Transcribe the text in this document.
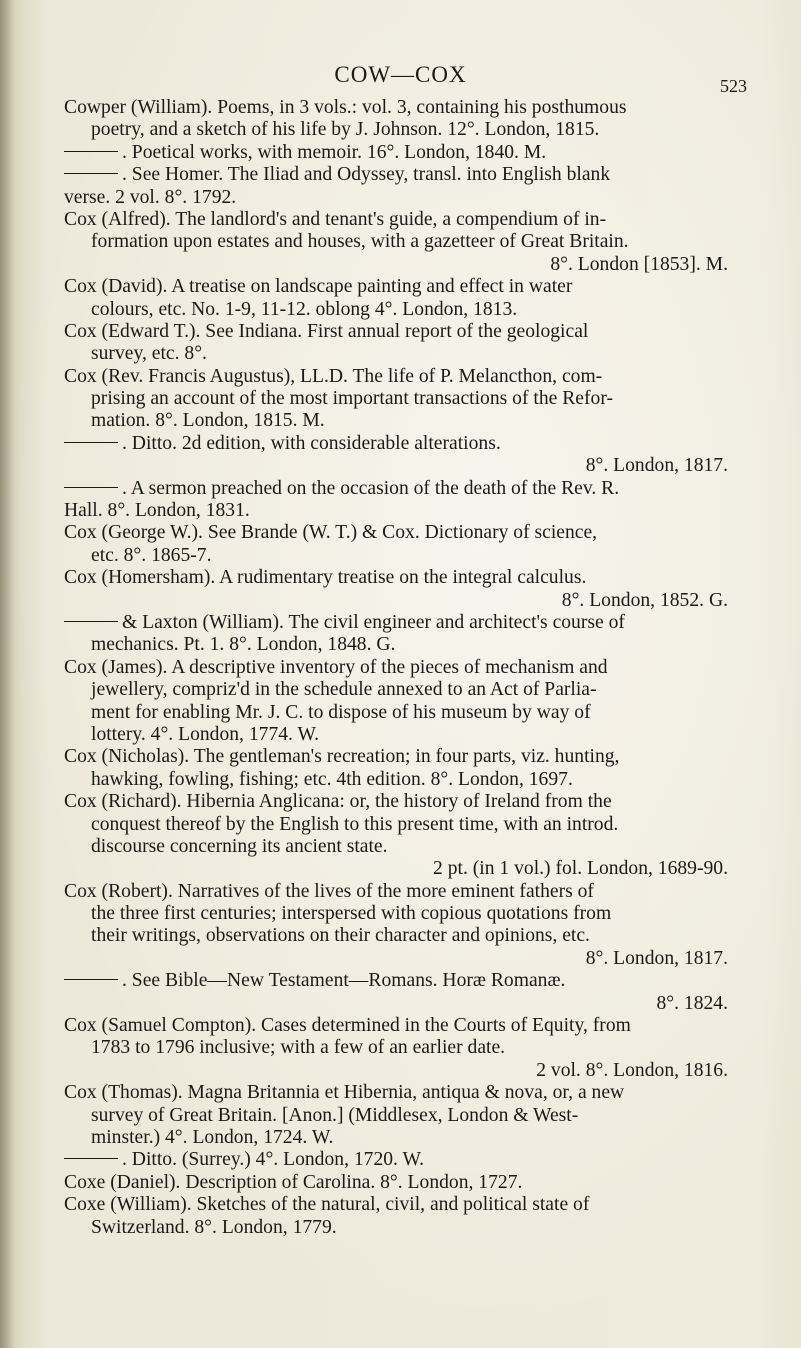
COW—COX	523
Cowper (William). Poems, in 3 vols.: vol. 3, containing his posthumous
poetry, and a sketch of his life by J. Johnson. 12°. London, 1815.
. Poetical works, with memoir. 16°. London, 1840. M.
. See Homer. The Iliad and Odyssey, transl. into English blank
verse. 2 vol. 8°. 1792.
Cox (Alfred). The landlord's and tenant's guide, a compendium of in-
formation upon estates and houses, with a gazetteer of Great Britain.
8°. London [1853]. M.
Cox (David). A treatise on landscape painting and effect in water
colours, etc. No. 1-9, 11-12. oblong 4°. London, 1813.
Cox (Edward T.). See Indiana. First annual report of the geological
survey, etc. 8°.
Cox (Rev. Francis Augustus), LL.D. The life of P. Melancthon, com-
prising an account of the most important transactions of the Refor-
mation. 8°. London, 1815. M.
. Ditto. 2d edition, with considerable alterations.
8°. London, 1817.
. A sermon preached on the occasion of the death of the Rev. R.
Hall. 8°. London, 1831.
Cox (George W.). See Brande (W. T.) & Cox. Dictionary of science,
etc. 8°. 1865-7.
Cox (Homersham). A rudimentary treatise on the integral calculus.
8°. London, 1852. G.
& Laxton (William). The civil engineer and architect's course of
mechanics. Pt. 1. 8°. London, 1848. G.
Cox (James). A descriptive inventory of the pieces of mechanism and
jewellery, compriz'd in the schedule annexed to an Act of Parlia-
ment for enabling Mr. J. C. to dispose of his museum by way of
lottery. 4°. London, 1774. W.
Cox (Nicholas). The gentleman's recreation; in four parts, viz. hunting,
hawking, fowling, fishing; etc. 4th edition. 8°. London, 1697.
Cox (Richard). Hibernia Anglicana: or, the history of Ireland from the
conquest thereof by the English to this present time, with an introd.
discourse concerning its ancient state.
2 pt. (in 1 vol.) fol. London, 1689-90.
Cox (Robert). Narratives of the lives of the more eminent fathers of
the three first centuries; interspersed with copious quotations from
their writings, observations on their character and opinions, etc.
8°. London, 1817.
. See Bible—New Testament—Romans. Horæ Romanæ.
8°. 1824.
Cox (Samuel Compton). Cases determined in the Courts of Equity, from
1783 to 1796 inclusive; with a few of an earlier date.
2 vol. 8°. London, 1816.
Cox (Thomas). Magna Britannia et Hibernia, antiqua & nova, or, a new
survey of Great Britain. [Anon.] (Middlesex, London & West-
minster.) 4°. London, 1724. W.
. Ditto. (Surrey.) 4°. London, 1720. W.
Coxe (Daniel). Description of Carolina. 8°. London, 1727.
Coxe (William). Sketches of the natural, civil, and political state of
Switzerland. 8°. London, 1779.
